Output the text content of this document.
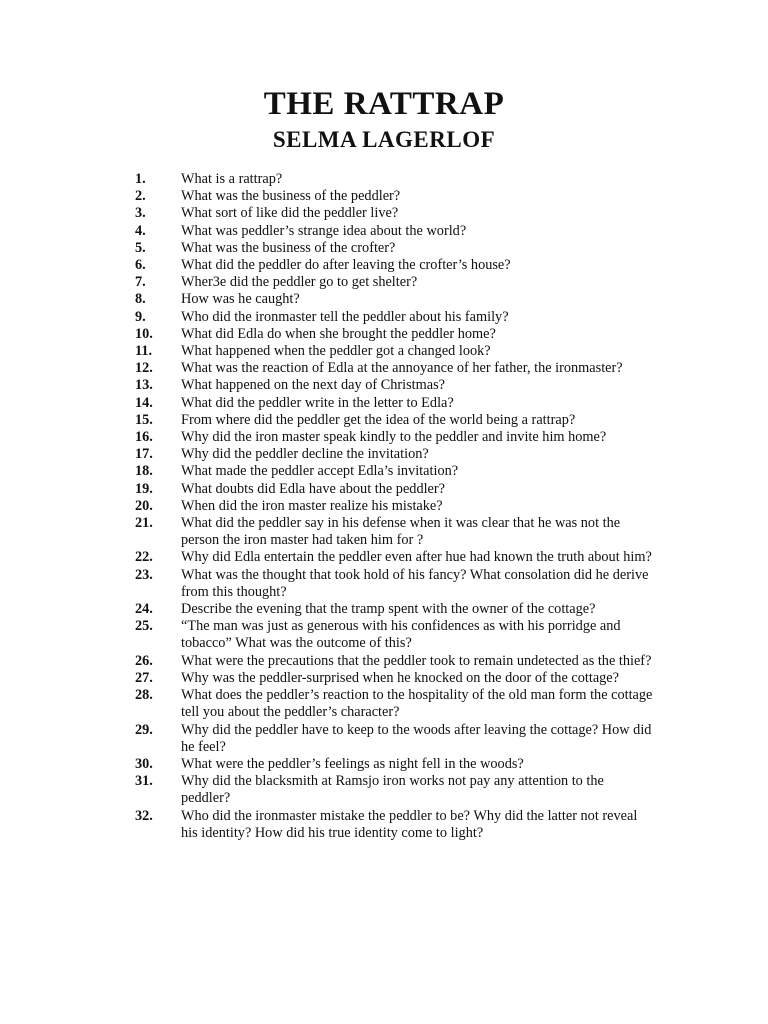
THE RATTRAP
SELMA LAGERLOF
1. What is a rattrap?
2. What was the business of the peddler?
3. What sort of like did the peddler live?
4. What was peddler’s strange idea about the world?
5. What was the business of the crofter?
6. What did the peddler do after leaving the crofter’s house?
7. Wher3e did the peddler go to get shelter?
8. How was he caught?
9. Who did the ironmaster tell the peddler about his family?
10. What did Edla do when she brought the peddler home?
11. What happened when the peddler got a changed look?
12. What was the reaction of Edla at the annoyance of her father, the ironmaster?
13. What happened on the next day of Christmas?
14. What did the peddler write in the letter to Edla?
15. From where did the peddler get the idea of the world being a rattrap?
16. Why did the iron master speak kindly to the peddler and invite him home?
17. Why did the peddler decline the invitation?
18. What made the peddler accept Edla’s invitation?
19. What doubts did Edla have about the peddler?
20. When did the iron master realize his mistake?
21. What did the peddler say in his defense when it was clear that he was not the person the iron master had taken him for ?
22. Why did Edla entertain the peddler even after hue had known the truth about him?
23. What was the thought that took hold of his fancy? What consolation did he derive from this thought?
24. Describe the evening that the tramp spent with the owner of the cottage?
25. “The man was just as generous with his confidences as with his porridge and tobacco” What was the outcome of this?
26. What were the precautions that the peddler took to remain undetected as the thief?
27. Why was the peddler-surprised when he knocked on the door of the cottage?
28. What does the peddler’s reaction to the hospitality of the old man form the cottage tell you about the peddler’s character?
29. Why did the peddler have to keep to the woods after leaving the cottage? How did he feel?
30. What were the peddler’s feelings as night fell in the woods?
31. Why did the blacksmith at Ramsjo iron works not pay any attention to the peddler?
32. Who did the ironmaster mistake the peddler to be? Why did the latter not reveal his identity? How did his true identity come to light?
